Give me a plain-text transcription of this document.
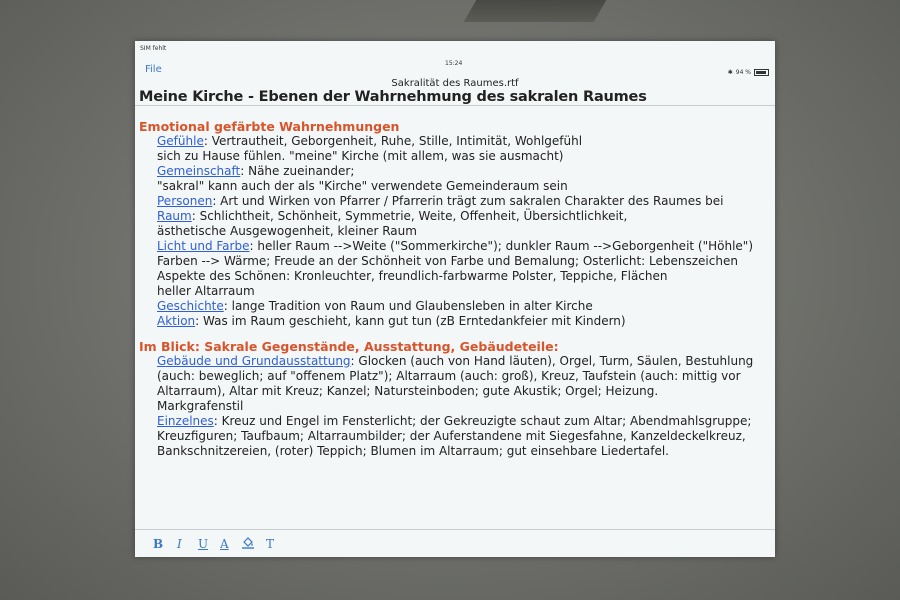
SIM fehlt
15:24
✱ 94 %
File
Sakralität des Raumes.rtf
Meine Kirche - Ebenen der Wahrnehmung des sakralen Raumes
Emotional gefärbte Wahrnehmungen
Gefühle: Vertrautheit, Geborgenheit, Ruhe, Stille, Intimität, Wohlgefühl
sich zu Hause fühlen. "meine" Kirche (mit allem, was sie ausmacht)
Gemeinschaft: Nähe zueinander;
"sakral" kann auch der als "Kirche" verwendete Gemeinderaum sein
Personen: Art und Wirken von Pfarrer / Pfarrerin trägt zum sakralen Charakter des Raumes bei
Raum: Schlichtheit, Schönheit, Symmetrie, Weite, Offenheit, Übersichtlichkeit,
ästhetische Ausgewogenheit, kleiner Raum
Licht und Farbe: heller Raum -->Weite ("Sommerkirche"); dunkler Raum -->Geborgenheit ("Höhle")
Farben --> Wärme; Freude an der Schönheit von Farbe und Bemalung; Osterlicht: Lebenszeichen
Aspekte des Schönen: Kronleuchter, freundlich-farbwarme Polster, Teppiche, Flächen
heller Altarraum
Geschichte: lange Tradition von Raum und Glaubensleben in alter Kirche
Aktion: Was im Raum geschieht, kann gut tun (zB Erntedankfeier mit Kindern)
Im Blick: Sakrale Gegenstände, Ausstattung, Gebäudeteile:
Gebäude und Grundausstattung: Glocken (auch von Hand läuten), Orgel, Turm, Säulen, Bestuhlung
(auch: beweglich; auf "offenem Platz"); Altarraum (auch: groß), Kreuz, Taufstein (auch: mittig vor
Altarraum), Altar mit Kreuz; Kanzel; Natursteinboden; gute Akustik; Orgel; Heizung.
Markgrafenstil
Einzelnes: Kreuz und Engel im Fensterlicht; der Gekreuzigte schaut zum Altar; Abendmahlsgruppe;
Kreuzfiguren; Taufbaum; Altarraumbilder; der Auferstandene mit Siegesfahne, Kanzeldeckelkreuz,
Bankschnitzereien, (roter) Teppich; Blumen im Altarraum; gut einsehbare Liedertafel.
B I U A	T
